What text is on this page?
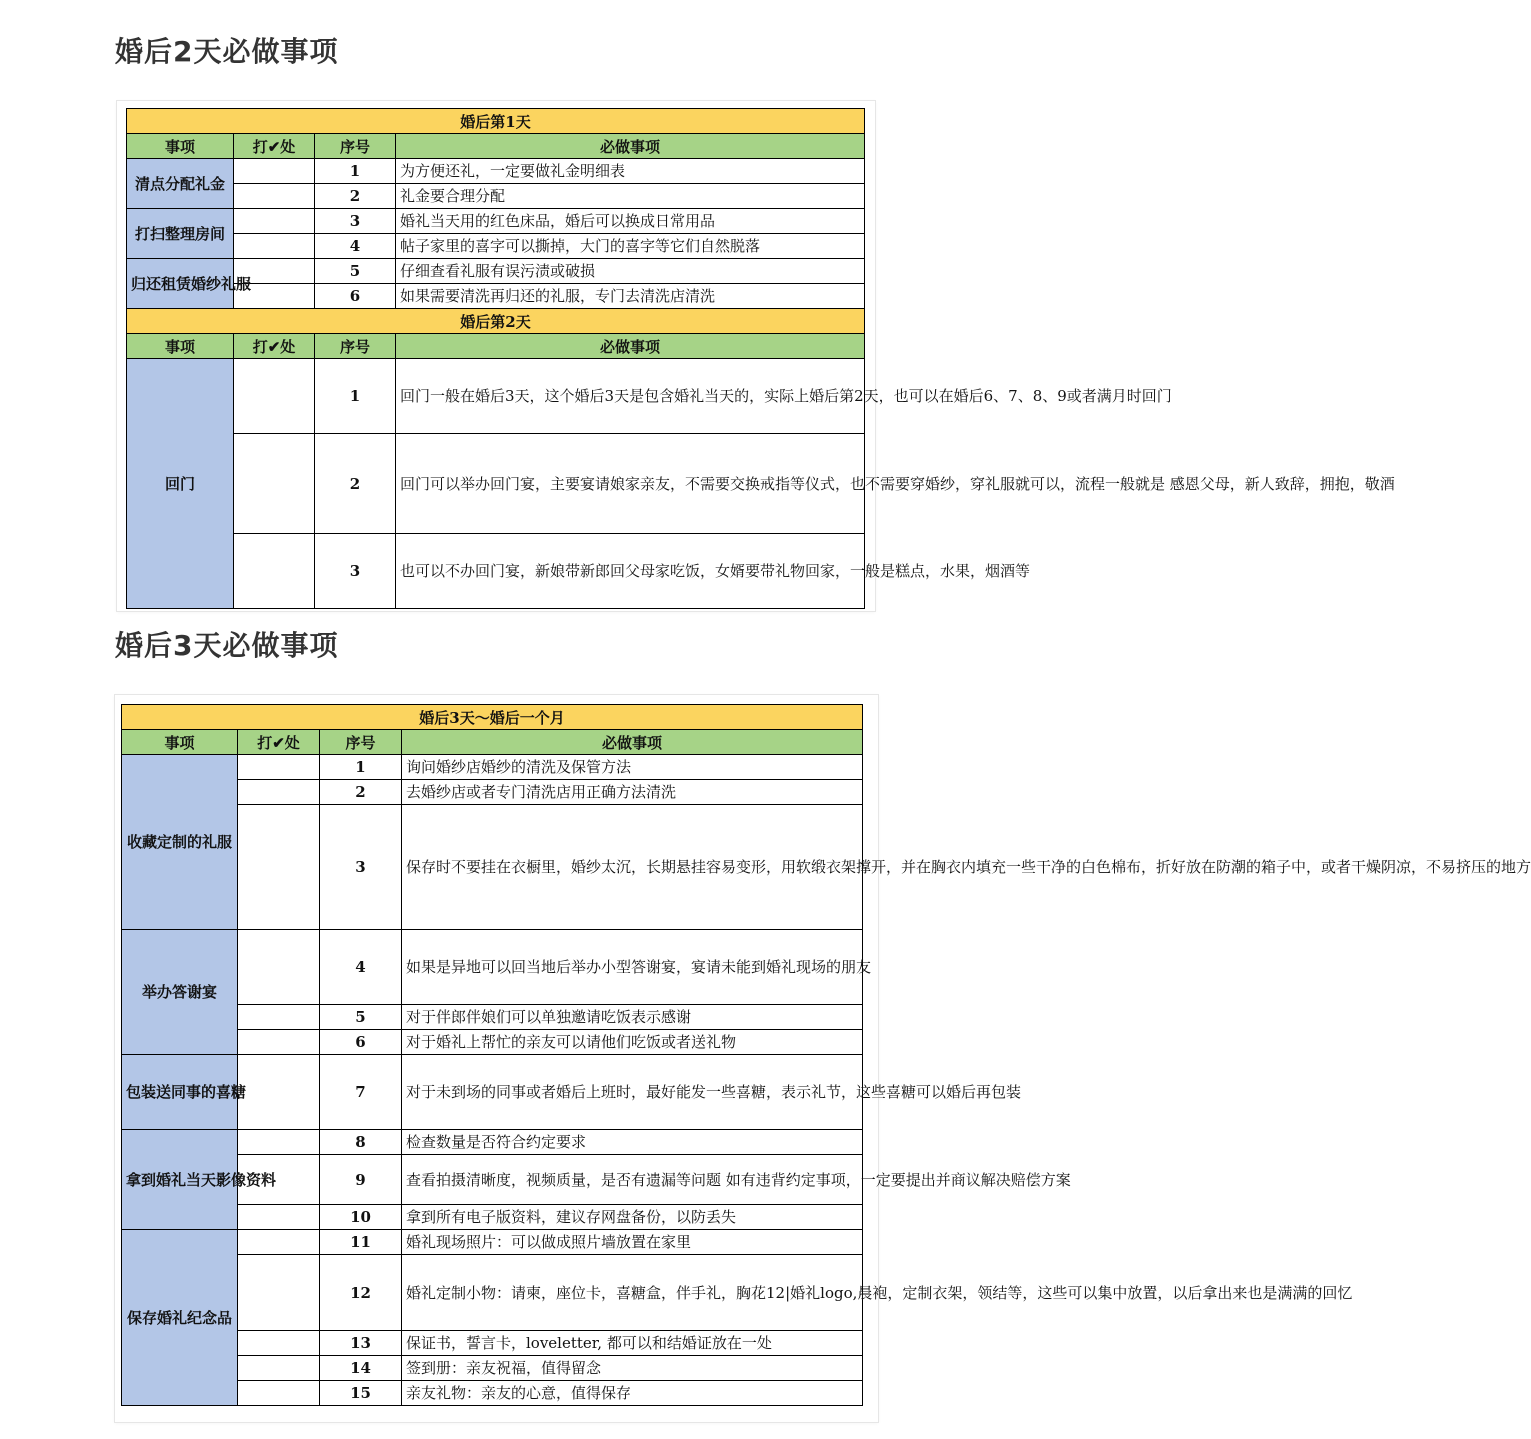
婚后2天必做事项
婚后第1天			
事项	打✔处	序号	必做事项
清点分配礼金		1	为方便还礼，一定要做礼金明细表
		2	礼金要合理分配
打扫整理房间		3	婚礼当天用的红色床品，婚后可以换成日常用品
		4	帖子家里的喜字可以撕掉，大门的喜字等它们自然脱落
归还租赁婚纱礼服		5	仔细查看礼服有误污渍或破损
		6	如果需要清洗再归还的礼服，专门去清洗店清洗
婚后第2天			
事项	打✔处	序号	必做事项
回门		1	回门一般在婚后3天，这个婚后3天是包含婚礼当天的，实际上婚后第2天，也可以在婚后6、7、8、9或者满月时回门
		2	回门可以举办回门宴，主要宴请娘家亲友，不需要交换戒指等仪式，也不需要穿婚纱，穿礼服就可以，流程一般就是 感恩父母，新人致辞，拥抱，敬酒
		3	也可以不办回门宴，新娘带新郎回父母家吃饭，女婿要带礼物回家，一般是糕点，水果，烟酒等
婚后3天必做事项
婚后3天～婚后一个月			
事项	打✔处	序号	必做事项
收藏定制的礼服		1	询问婚纱店婚纱的清洗及保管方法
		2	去婚纱店或者专门清洗店用正确方法清洗
		3	保存时不要挂在衣橱里，婚纱太沉，长期悬挂容易变形，用软缎衣架撑开，并在胸衣内填充一些干净的白色棉布，折好放在防潮的箱子中，或者干燥阴凉，不易挤压的地方
举办答谢宴		4	如果是异地可以回当地后举办小型答谢宴，宴请未能到婚礼现场的朋友
		5	对于伴郎伴娘们可以单独邀请吃饭表示感谢
		6	对于婚礼上帮忙的亲友可以请他们吃饭或者送礼物
包装送同事的喜糖		7	对于未到场的同事或者婚后上班时，最好能发一些喜糖，表示礼节，这些喜糖可以婚后再包装
拿到婚礼当天影像资料		8	检查数量是否符合约定要求
		9	查看拍摄清晰度，视频质量，是否有遗漏等问题 如有违背约定事项，一定要提出并商议解决赔偿方案
		10	拿到所有电子版资料，建议存网盘备份，以防丢失
保存婚礼纪念品		11	婚礼现场照片：可以做成照片墙放置在家里
		12	婚礼定制小物：请柬，座位卡，喜糖盒，伴手礼，胸花12|婚礼logo,晨袍，定制衣架，领结等，这些可以集中放置，以后拿出来也是满满的回忆
		13	保证书，誓言卡，loveletter, 都可以和结婚证放在一处
		14	签到册：亲友祝福，值得留念
		15	亲友礼物：亲友的心意，值得保存
